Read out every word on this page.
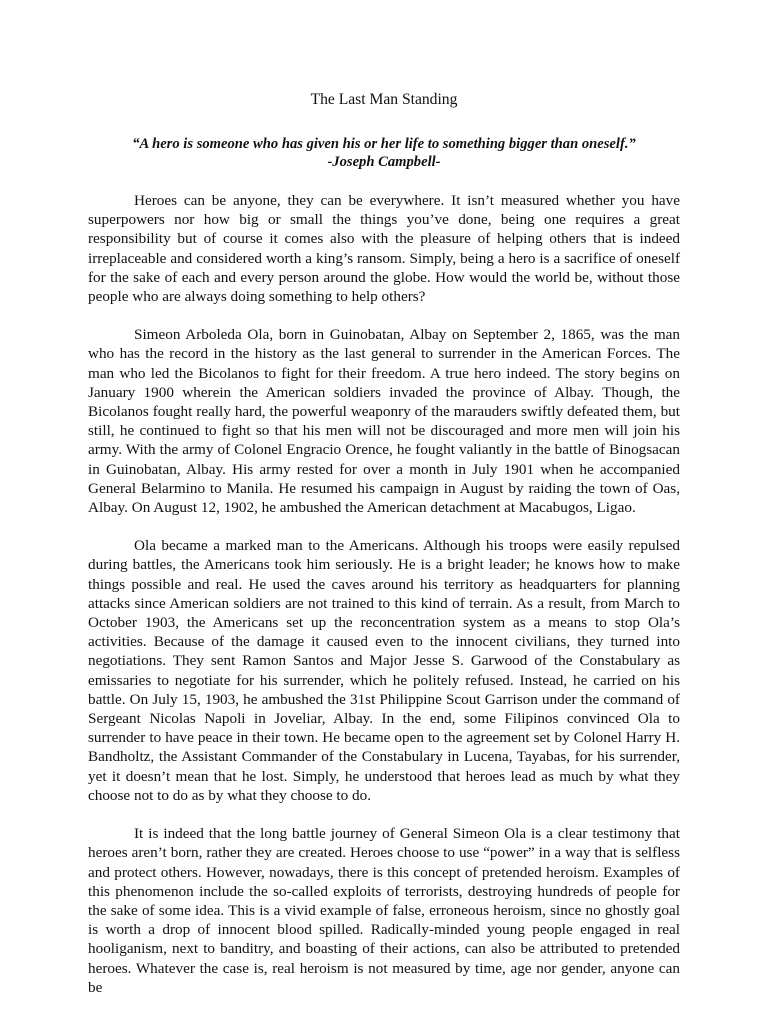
The Last Man Standing
“A hero is someone who has given his or her life to something bigger than oneself.”
-Joseph Campbell-

Heroes can be anyone, they can be everywhere. It isn’t measured whether you have superpowers nor how big or small the things you’ve done, being one requires a great responsibility but of course it comes also with the pleasure of helping others that is indeed irreplaceable and considered worth a king’s ransom. Simply, being a hero is a sacrifice of oneself for the sake of each and every person around the globe. How would the world be, without those people who are always doing something to help others?

Simeon Arboleda Ola, born in Guinobatan, Albay on September 2, 1865, was the man who has the record in the history as the last general to surrender in the American Forces. The man who led the Bicolanos to fight for their freedom. A true hero indeed. The story begins on January 1900 wherein the American soldiers invaded the province of Albay. Though, the Bicolanos fought really hard, the powerful weaponry of the marauders swiftly defeated them, but still, he continued to fight so that his men will not be discouraged and more men will join his army. With the army of Colonel Engracio Orence, he fought valiantly in the battle of Binogsacan in Guinobatan, Albay. His army rested for over a month in July 1901 when he accompanied General Belarmino to Manila. He resumed his campaign in August by raiding the town of Oas, Albay. On August 12, 1902, he ambushed the American detachment at Macabugos, Ligao.

Ola became a marked man to the Americans. Although his troops were easily repulsed during battles, the Americans took him seriously. He is a bright leader; he knows how to make things possible and real. He used the caves around his territory as headquarters for planning attacks since American soldiers are not trained to this kind of terrain. As a result, from March to October 1903, the Americans set up the reconcentration system as a means to stop Ola’s activities. Because of the damage it caused even to the innocent civilians, they turned into negotiations. They sent Ramon Santos and Major Jesse S. Garwood of the Constabulary as emissaries to negotiate for his surrender, which he politely refused. Instead, he carried on his battle. On July 15, 1903, he ambushed the 31st Philippine Scout Garrison under the command of Sergeant Nicolas Napoli in Joveliar, Albay. In the end, some Filipinos convinced Ola to surrender to have peace in their town. He became open to the agreement set by Colonel Harry H. Bandholtz, the Assistant Commander of the Constabulary in Lucena, Tayabas, for his surrender, yet it doesn’t mean that he lost. Simply, he understood that heroes lead as much by what they choose not to do as by what they choose to do.

It is indeed that the long battle journey of General Simeon Ola is a clear testimony that heroes aren’t born, rather they are created. Heroes choose to use “power” in a way that is selfless and protect others. However, nowadays, there is this concept of pretended heroism. Examples of this phenomenon include the so-called exploits of terrorists, destroying hundreds of people for the sake of some idea. This is a vivid example of false, erroneous heroism, since no ghostly goal is worth a drop of innocent blood spilled. Radically-minded young people engaged in real hooliganism, next to banditry, and boasting of their actions, can also be attributed to pretended heroes. Whatever the case is, real heroism is not measured by time, age nor gender, anyone can be
